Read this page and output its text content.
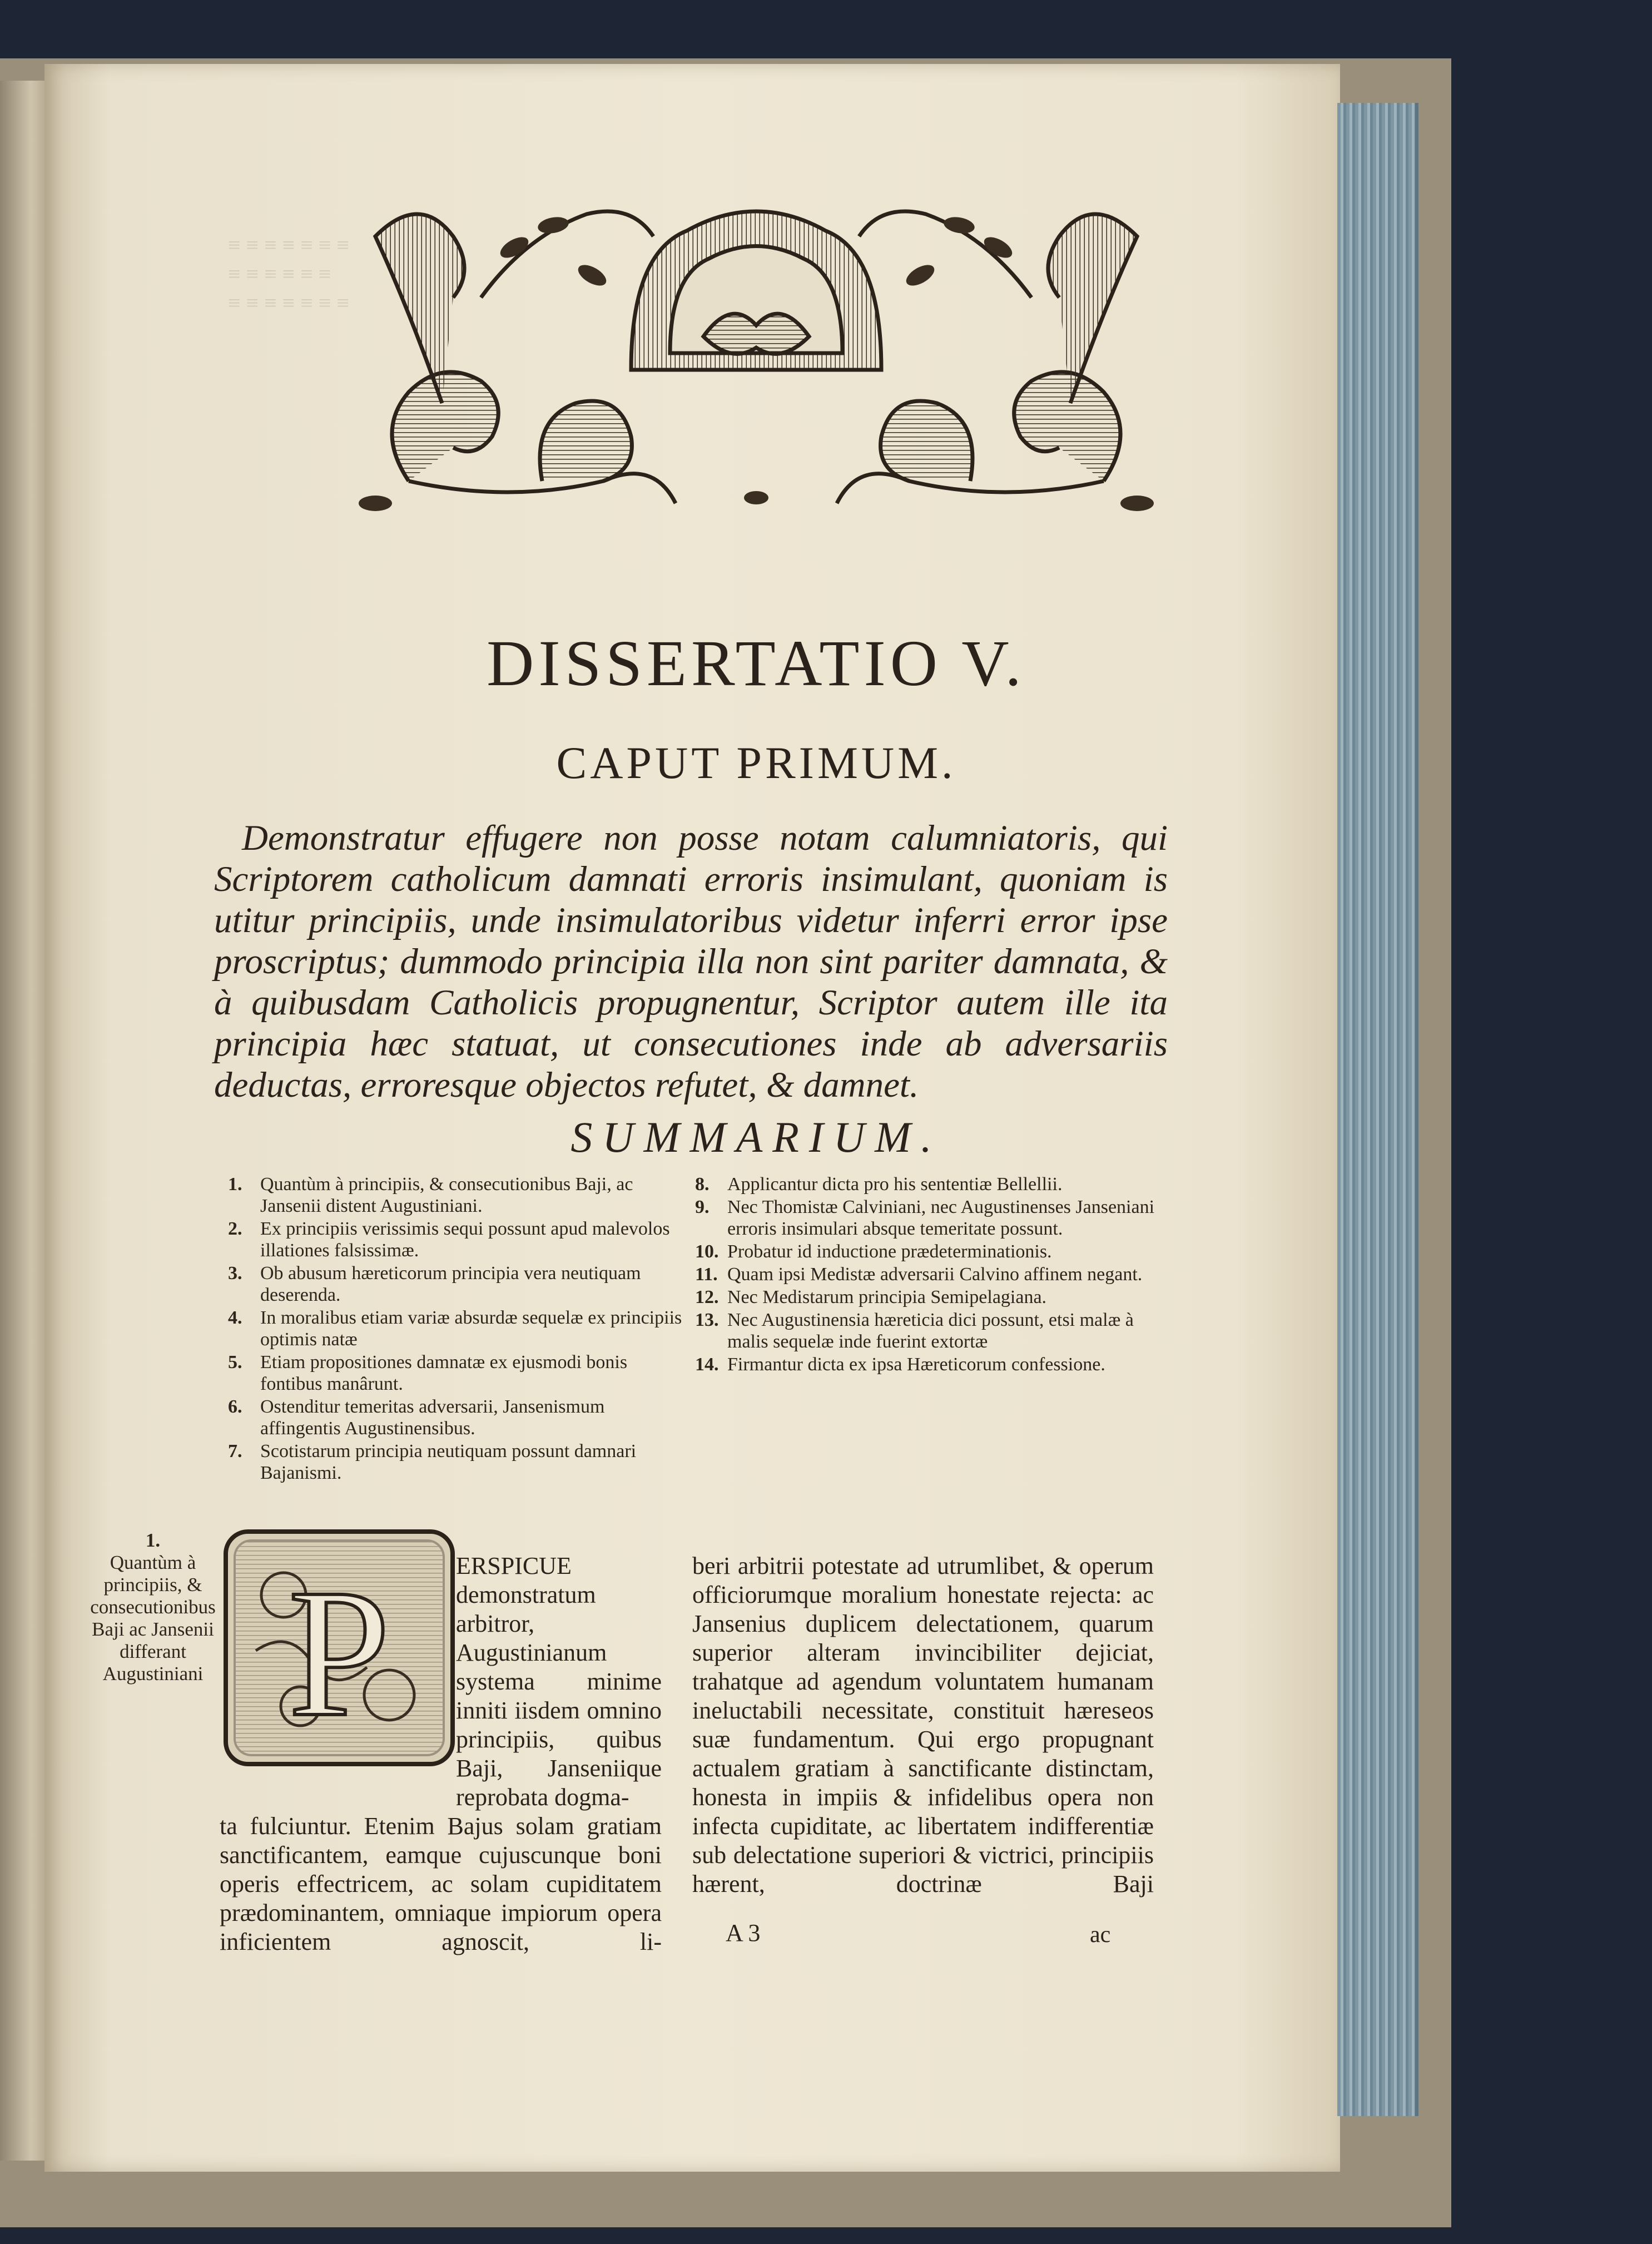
≡ ≡ ≡ ≡ ≡ ≡ ≡
≡ ≡ ≡ ≡ ≡ ≡
≡ ≡ ≡ ≡ ≡ ≡ ≡
DISSERTATIO V.
CAPUT PRIMUM.
Demonstratur effugere non posse notam calumniatoris, qui Scriptorem catholicum damnati erroris insimulant, quoniam is utitur principiis, unde insimulatoribus videtur inferri error ipse proscriptus; dummodo principia illa non sint pariter damnata, & à quibusdam Catholicis propugnentur, Scriptor autem ille ita principia hæc statuat, ut consecutiones inde ab adversariis deductas, erroresque objectos refutet, & damnet.
SUMMARIUM.
1. Quantùm à principiis, & consecutionibus Baji, ac Jansenii distent Augustiniani.
2. Ex principiis verissimis sequi possunt apud malevolos illationes falsissimæ.
3. Ob abusum hæreticorum principia vera neutiquam deserenda.
4. In moralibus etiam variæ absurdæ sequelæ ex principiis optimis natæ
5. Etiam propositiones damnatæ ex ejusmodi bonis fontibus manârunt.
6. Ostenditur temeritas adversarii, Jansenismum affingentis Augustinensibus.
7. Scotistarum principia neutiquam possunt damnari Bajanismi.
8. Applicantur dicta pro his sententiæ Bellellii.
9. Nec Thomistæ Calviniani, nec Augustinenses Janseniani erroris insimulari absque temeritate possunt.
10. Probatur id inductione prædeterminationis.
11. Quam ipsi Medistæ adversarii Calvino affinem negant.
12. Nec Medistarum principia Semipelagiana.
13. Nec Augustinensia hæreticia dici possunt, etsi malæ à malis sequelæ inde fuerint extortæ
14. Firmantur dicta ex ipsa Hæreticorum confessione.
1.
Quantùm à principiis, & consecutionibus Baji ac Jansenii differant Augustiniani P	ERSPICUE demonstratum arbitror, Augustinianum systema minime inniti iisdem omnino principiis, quibus Baji, Janseniique reprobata dogma-
ta fulciuntur. Etenim Bajus solam gratiam sanctificantem, eamque cujuscunque boni operis effectricem, ac solam cupiditatem prædominantem, omniaque impiorum opera inficientem agnoscit, li-
beri arbitrii potestate ad utrumlibet, & operum officiorumque moralium honestate rejecta: ac Jansenius duplicem delectationem, quarum superior alteram invincibiliter dejiciat, trahatque ad agendum voluntatem humanam ineluctabili necessitate, constituit hæreseos suæ fundamentum. Qui ergo propugnant actualem gratiam à sanctificante distinctam, honesta in impiis & infidelibus opera non infecta cupiditate, ac libertatem indifferentiæ sub delectatione superiori & victrici, principiis hærent, doctrinæ Baji
A 3	ac
